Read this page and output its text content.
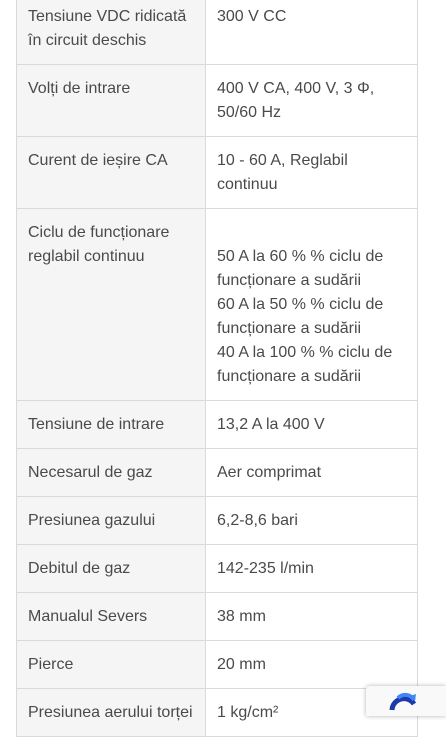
Tensiune VDC ridicată în circuit deschis	300 V CC

Volți de intrare	400 V CA, 400 V, 3 Φ, 50/60 Hz

Curent de ieșire CA	10 - 60 A, Reglabil continuu

Ciclu de funcționare reglabil continuu	50 A la 60 % % ciclu de funcționare a sudării
60 A la 50 % % ciclu de funcționare a sudării
40 A la 100 % % ciclu de funcționare a sudării

Tensiune de intrare	13,2 A la 400 V

Necesarul de gaz	Aer comprimat

Presiunea gazului	6,2-8,6 bari

Debitul de gaz	142-235 l/min

Manualul Severs	38 mm

Pierce	20 mm

Presiunea aerului torței	1 kg/cm²
